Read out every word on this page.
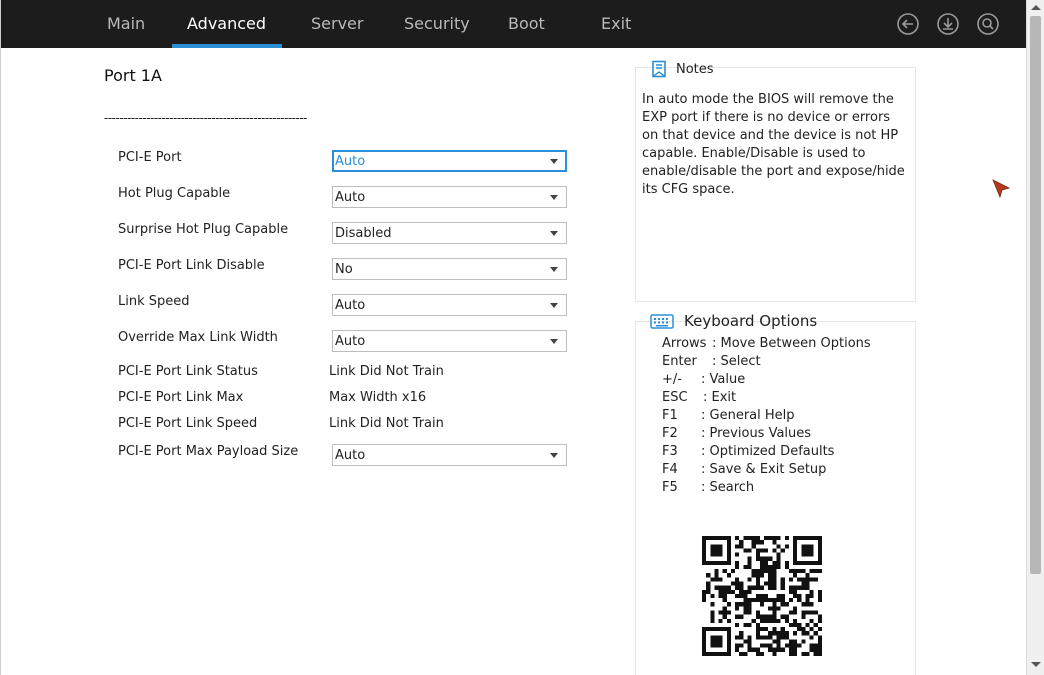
Main	Advanced	Server	Security Boot	Exit
Port 1A
-----------------------------------------------------
PCI-E Port	Auto
Hot Plug Capable	Auto
Surprise Hot Plug Capable	Disabled
PCI-E Port Link Disable	No
Link Speed	Auto
Override Max Link Width	Auto
PCI-E Port Link Status	Link Did Not Train
PCI-E Port Link Max	Max Width x16
PCI-E Port Link Speed	Link Did Not Train
PCI-E Port Max Payload Size	Auto
Notes
In auto mode the BIOS will remove the EXP port if there is no device or errors on that device and the device is not HP capable. Enable/Disable is used to enable/disable the port and expose/hide its CFG space.
Keyboard Options
Arrows : Move Between Options
Enter : Select
+/- : Value
ESC : Exit
F1 : General Help
F2 : Previous Values
F3 : Optimized Defaults
F4 : Save & Exit Setup
F5 : Search
